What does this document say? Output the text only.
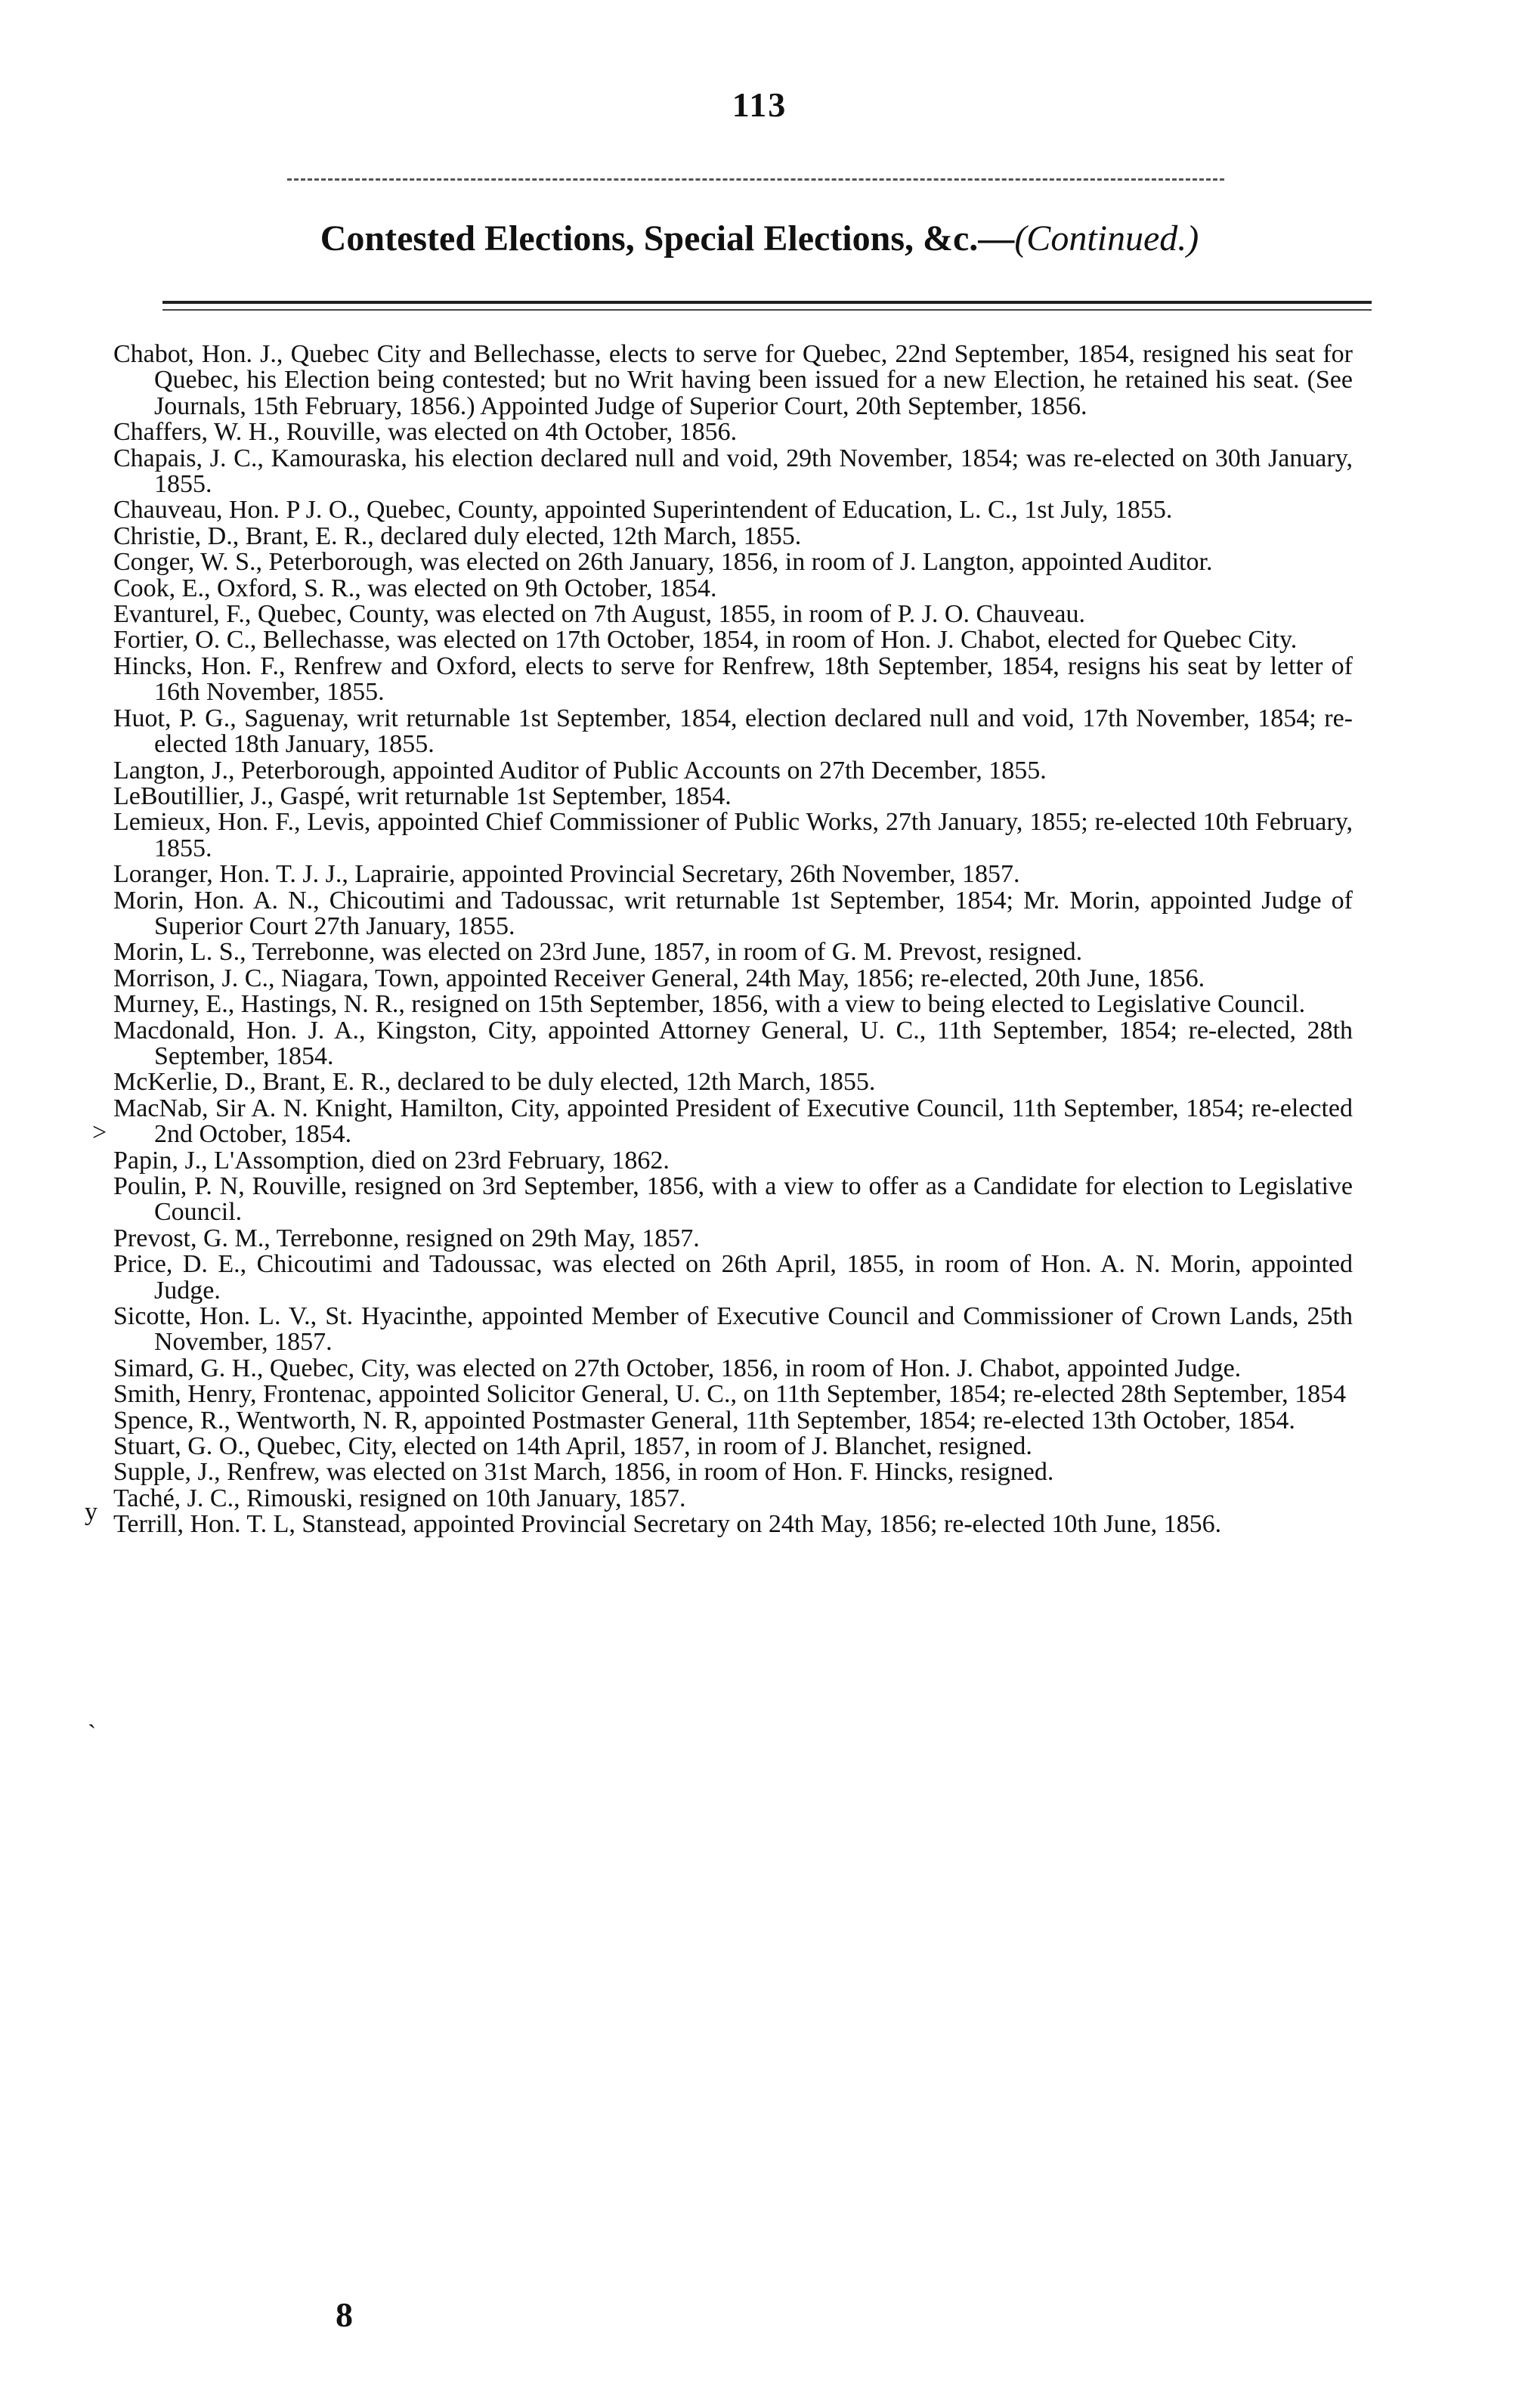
113
Contested Elections, Special Elections, &c.—(Continued.)

Chabot, Hon. J., Quebec City and Bellechasse, elects to serve for Quebec, 22nd September, 1854, resigned his seat for Quebec, his Election being contested; but no Writ having been issued for a new Election, he retained his seat. (See Journals, 15th February, 1856.) Appointed Judge of Superior Court, 20th September, 1856.

Chaffers, W. H., Rouville, was elected on 4th October, 1856.

Chapais, J. C., Kamouraska, his election declared null and void, 29th November, 1854; was re-elected on 30th January, 1855.

Chauveau, Hon. P J. O., Quebec, County, appointed Superintendent of Education, L. C., 1st July, 1855.

Christie, D., Brant, E. R., declared duly elected, 12th March, 1855.

Conger, W. S., Peterborough, was elected on 26th January, 1856, in room of J. Langton, appointed Auditor.

Cook, E., Oxford, S. R., was elected on 9th October, 1854.

Evanturel, F., Quebec, County, was elected on 7th August, 1855, in room of P. J. O. Chauveau.

Fortier, O. C., Bellechasse, was elected on 17th October, 1854, in room of Hon. J. Chabot, elected for Quebec City.

Hincks, Hon. F., Renfrew and Oxford, elects to serve for Renfrew, 18th September, 1854, resigns his seat by letter of 16th November, 1855.

Huot, P. G., Saguenay, writ returnable 1st September, 1854, election declared null and void, 17th November, 1854; re-elected 18th January, 1855.

Langton, J., Peterborough, appointed Auditor of Public Accounts on 27th December, 1855.

LeBoutillier, J., Gaspé, writ returnable 1st September, 1854.

Lemieux, Hon. F., Levis, appointed Chief Commissioner of Public Works, 27th January, 1855; re-elected 10th February, 1855.

Loranger, Hon. T. J. J., Laprairie, appointed Provincial Secretary, 26th November, 1857.

Morin, Hon. A. N., Chicoutimi and Tadoussac, writ returnable 1st September, 1854; Mr. Morin, appointed Judge of Superior Court 27th January, 1855.

Morin, L. S., Terrebonne, was elected on 23rd June, 1857, in room of G. M. Prevost, resigned.

Morrison, J. C., Niagara, Town, appointed Receiver General, 24th May, 1856; re-elected, 20th June, 1856.

Murney, E., Hastings, N. R., resigned on 15th September, 1856, with a view to being elected to Legislative Council.

Macdonald, Hon. J. A., Kingston, City, appointed Attorney General, U. C., 11th September, 1854; re-elected, 28th September, 1854.

McKerlie, D., Brant, E. R., declared to be duly elected, 12th March, 1855.

MacNab, Sir A. N. Knight, Hamilton, City, appointed President of Executive Council, 11th September, 1854; re-elected 2nd October, 1854.

Papin, J., L'Assomption, died on 23rd February, 1862.

Poulin, P. N, Rouville, resigned on 3rd September, 1856, with a view to offer as a Candidate for election to Legislative Council.

Prevost, G. M., Terrebonne, resigned on 29th May, 1857.

Price, D. E., Chicoutimi and Tadoussac, was elected on 26th April, 1855, in room of Hon. A. N. Morin, appointed Judge.

Sicotte, Hon. L. V., St. Hyacinthe, appointed Member of Executive Council and Commissioner of Crown Lands, 25th November, 1857.

Simard, G. H., Quebec, City, was elected on 27th October, 1856, in room of Hon. J. Chabot, appointed Judge.

Smith, Henry, Frontenac, appointed Solicitor General, U. C., on 11th September, 1854; re-elected 28th September, 1854

Spence, R., Wentworth, N. R, appointed Postmaster General, 11th September, 1854; re-elected 13th October, 1854.

Stuart, G. O., Quebec, City, elected on 14th April, 1857, in room of J. Blanchet, resigned.

Supple, J., Renfrew, was elected on 31st March, 1856, in room of Hon. F. Hincks, resigned.

Taché, J. C., Rimouski, resigned on 10th January, 1857.

Terrill, Hon. T. L, Stanstead, appointed Provincial Secretary on 24th May, 1856; re-elected 10th June, 1856.

>
y
`
8
